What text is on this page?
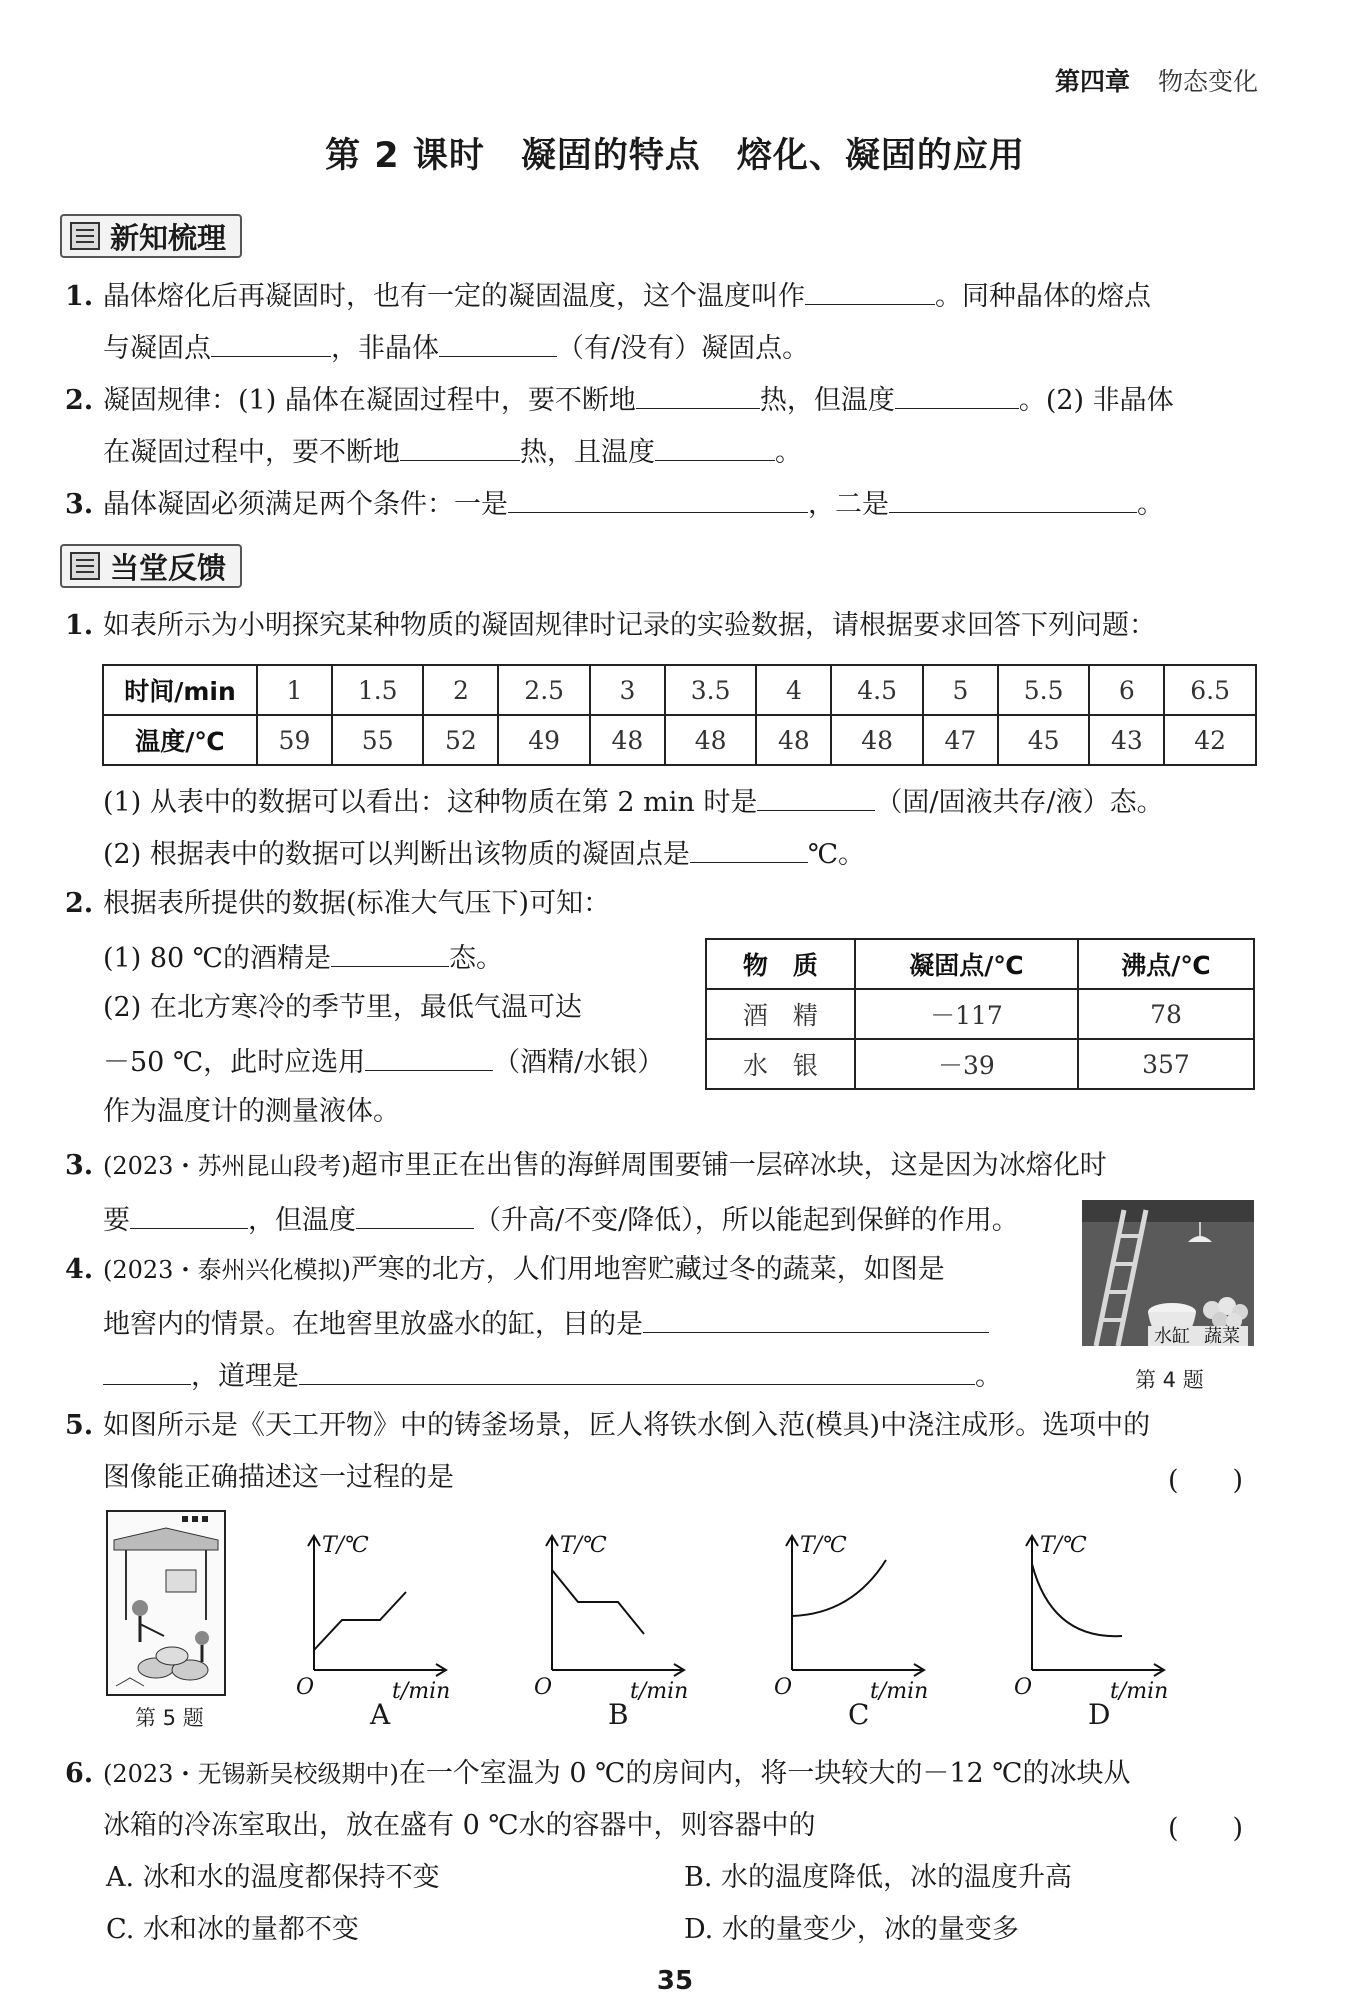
第四章 物态变化
第 2 课时　凝固的特点　熔化、凝固的应用
新知梳理
1. 晶体熔化后再凝固时，也有一定的凝固温度，这个温度叫作	。同种晶体的熔点
与凝固点	，非晶体	（有/没有）凝固点。
2. 凝固规律：(1) 晶体在凝固过程中，要不断地	热，但温度	。(2) 非晶体
在凝固过程中，要不断地	热，且温度	。
3. 晶体凝固必须满足两个条件：一是	，二是	。
当堂反馈
1. 如表所示为小明探究某种物质的凝固规律时记录的实验数据，请根据要求回答下列问题：
时间/min	1	1.5	2	2.5	3	3.5	4	4.5	5	5.5	6	6.5
温度/℃	59	55	52	49	48	48	48	48	47	45	43	42
(1) 从表中的数据可以看出：这种物质在第 2 min 时是	（固/固液共存/液）态。
(2) 根据表中的数据可以判断出该物质的凝固点是	℃。
2. 根据表所提供的数据(标准大气压下)可知：
(1) 80 ℃的酒精是	态。
(2) 在北方寒冷的季节里，最低气温可达
－50 ℃，此时应选用	（酒精/水银）
作为温度计的测量液体。
物　质	凝固点/℃	沸点/℃
酒　精	－117	78
水　银	－39	357
3. (2023・苏州昆山段考)超市里正在出售的海鲜周围要铺一层碎冰块，这是因为冰熔化时
要	，但温度	（升高/不变/降低），所以能起到保鲜的作用。
4. (2023・泰州兴化模拟)严寒的北方，人们用地窖贮藏过冬的蔬菜，如图是
地窖内的情景。在地窖里放盛水的缸，目的是
，道理是	。
水缸 蔬菜
第 4 题
5. 如图所示是《天工开物》中的铸釜场景，匠人将铁水倒入范(模具)中浇注成形。选项中的
图像能正确描述这一过程的是	(　　)
第 5 题
T/℃
t/min
O
A
T/℃
t/min
O
B
T/℃
t/min
O
C
T/℃
t/min
O
D
6. (2023・无锡新吴校级期中)在一个室温为 0 ℃的房间内，将一块较大的－12 ℃的冰块从
冰箱的冷冻室取出，放在盛有 0 ℃水的容器中，则容器中的	(　　)
A. 冰和水的温度都保持不变	B. 水的温度降低，冰的温度升高
C. 水和冰的量都不变	D. 水的量变少，冰的量变多
35
